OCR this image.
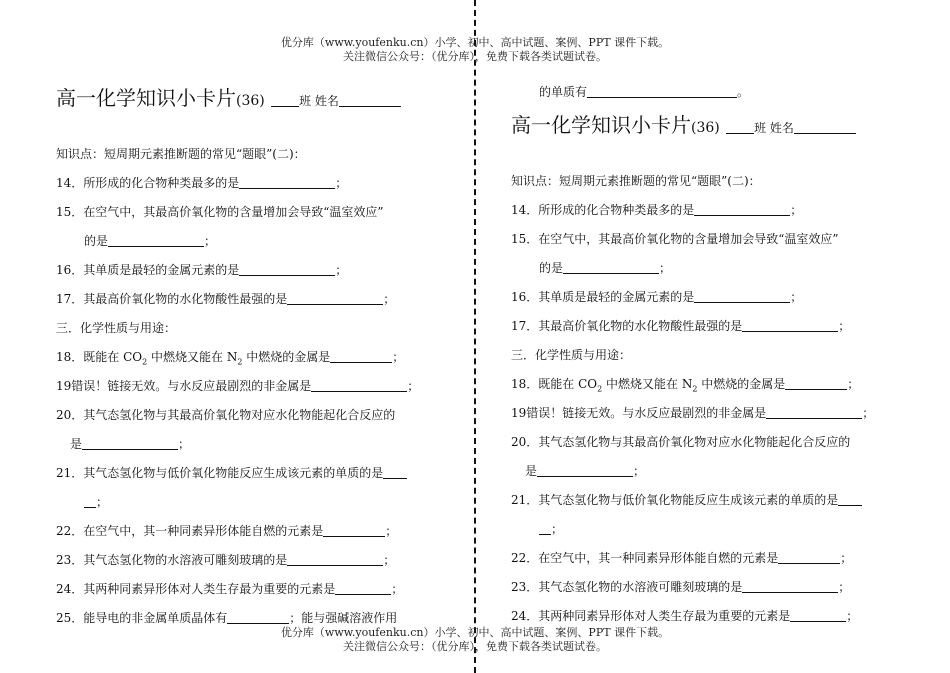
优分库（www.youfenku.cn）小学、初中、高中试题、案例、PPT 课件下载。
关注微信公众号：（优分库），免费下载各类试题试卷。
高一化学知识小卡片(36)	班 姓名
知识点：短周期元素推断题的常见“题眼”(二)：
14．所形成的化合物种类最多的是	；
15．在空气中，其最高价氧化物的含量增加会导致“温室效应”
的是	；
16．其单质是最轻的金属元素的是	；
17．其最高价氧化物的水化物酸性最强的是	；
三．化学性质与用途：
18．既能在 $CO_2$ 中燃烧又能在 $N_2$ 中燃烧的金属是	；
19错误！链接无效。与水反应最剧烈的非金属是	；
20．其气态氢化物与其最高价氧化物对应水化物能起化合反应的
是	；
21．其气态氢化物与低价氧化物能反应生成该元素的单质的是
；
22．在空气中，其一种同素异形体能自燃的元素是	；
23．其气态氢化物的水溶液可雕刻玻璃的是	；
24．其两种同素异形体对人类生存最为重要的元素是	；
25．能导电的非金属单质晶体有	；能与强碱溶液作用
的单质有	。
高一化学知识小卡片(36)	班 姓名
知识点：短周期元素推断题的常见“题眼”(二)：
14．所形成的化合物种类最多的是	；
15．在空气中，其最高价氧化物的含量增加会导致“温室效应”
的是	；
16．其单质是最轻的金属元素的是	；
17．其最高价氧化物的水化物酸性最强的是	；
三．化学性质与用途：
18．既能在 $CO_2$ 中燃烧又能在 $N_2$ 中燃烧的金属是	；
19错误！链接无效。与水反应最剧烈的非金属是	；
20．其气态氢化物与其最高价氧化物对应水化物能起化合反应的
是	；
21．其气态氢化物与低价氧化物能反应生成该元素的单质的是
；
22．在空气中，其一种同素异形体能自燃的元素是	；
23．其气态氢化物的水溶液可雕刻玻璃的是	；
24．其两种同素异形体对人类生存最为重要的元素是	；
优分库（www.youfenku.cn）小学、初中、高中试题、案例、PPT 课件下载。
关注微信公众号：（优分库），免费下载各类试题试卷。
